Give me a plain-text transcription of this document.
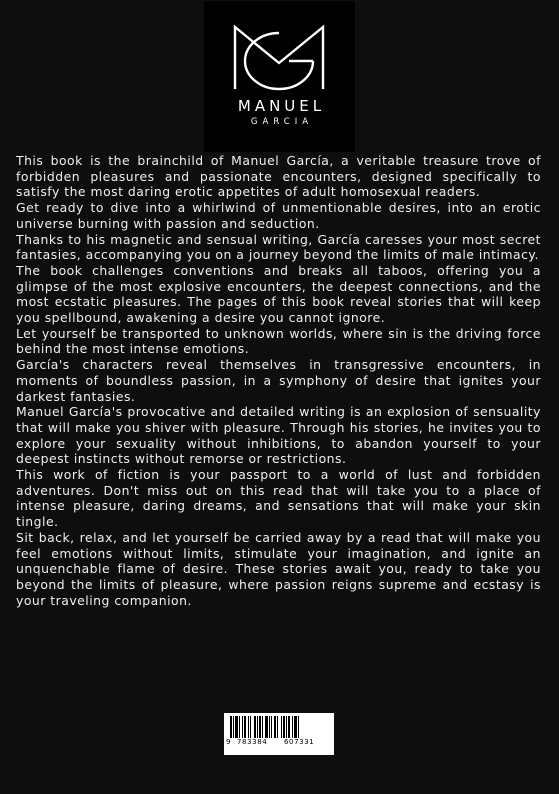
MANUEL
GARCIA

This book is the brainchild of Manuel García, a veritable treasure trove of forbidden pleasures and passionate encounters, designed specifically to satisfy the most daring erotic appetites of adult homosexual readers.

Get ready to dive into a whirlwind of unmentionable desires, into an erotic universe burning with passion and seduction.

Thanks to his magnetic and sensual writing, García caresses your most secret fantasies, accompanying you on a journey beyond the limits of male intimacy.

The book challenges conventions and breaks all taboos, offering you a glimpse of the most explosive encounters, the deepest connections, and the most ecstatic pleasures. The pages of this book reveal stories that will keep you spellbound, awakening a desire you cannot ignore.

Let yourself be transported to unknown worlds, where sin is the driving force behind the most intense emotions.

García's characters reveal themselves in transgressive encounters, in moments of boundless passion, in a symphony of desire that ignites your darkest fantasies.

Manuel García's provocative and detailed writing is an explosion of sensuality that will make you shiver with pleasure. Through his stories, he invites you to explore your sexuality without inhibitions, to abandon yourself to your deepest instincts without remorse or restrictions.

This work of fiction is your passport to a world of lust and forbidden adventures. Don't miss out on this read that will take you to a place of intense pleasure, daring dreams, and sensations that will make your skin tingle.

Sit back, relax, and let yourself be carried away by a read that will make you feel emotions without limits, stimulate your imagination, and ignite an unquenchable flame of desire. These stories await you, ready to take you beyond the limits of pleasure, where passion reigns supreme and ecstasy is your traveling companion.

9 783384 607331
